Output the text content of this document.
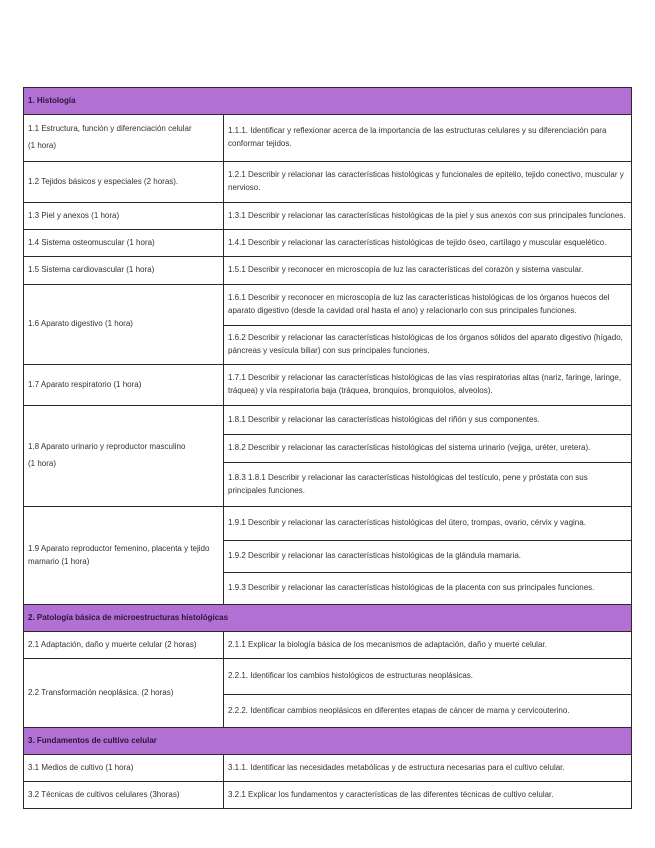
1. Histología	

1.1 Estructura, función y diferenciación celular
(1 hora)	1.1.1. Identificar y reflexionar acerca de la importancia de las estructuras celulares y su diferenciación para conformar tejidos.
1.2 Tejidos básicos y especiales (2 horas).	1.2.1 Describir y relacionar las características histológicas y funcionales de epitelio, tejido conectivo, muscular y nervioso.
1.3 Piel y anexos (1 hora)	1.3.1 Describir y relacionar las características histológicas de la piel y sus anexos con sus principales funciones.
1.4 Sistema osteomuscular (1 hora)	1.4.1 Describir y relacionar las características histológicas de tejido óseo, cartílago y muscular esquelético.
1.5 Sistema cardiovascular (1 hora)	1.5.1 Describir y reconocer en microscopía de luz las características del corazón y sistema vascular.
1.6 Aparato digestivo (1 hora)	1.6.1 Describir y reconocer en microscopía de luz las características histológicas de los órganos huecos del aparato digestivo (desde la cavidad oral hasta el ano) y relacionarlo con sus principales funciones.
	1.6.2 Describir y relacionar las características histológicas de los órganos sólidos del aparato digestivo (hígado, páncreas y vesícula biliar) con sus principales funciones.
1.7 Aparato respiratorio (1 hora)	1.7.1 Describir y relacionar las características histológicas de las vías respiratorias altas (nariz, faringe, laringe, tráquea) y vía respiratoria baja (tráquea, bronquios, bronquiolos, alveolos).

1.8 Aparato urinario y reproductor masculino
(1 hora)	1.8.1 Describir y relacionar las características histológicas del riñón y sus componentes.
	1.8.2 Describir y relacionar las características histológicas del sistema urinario (vejiga, uréter, uretera).
	1.8.3 1.8.1 Describir y relacionar las características histológicas del testículo, pene y próstata con sus principales funciones.
1.9 Aparato reproductor femenino, placenta y tejido mamario (1 hora)	1.9.1 Describir y relacionar las características histológicas del útero, trompas, ovario, cérvix y vagina.
	1.9.2 Describir y relacionar las características histológicas de la glándula mamaria.
	1.9.3 Describir y relacionar las características histológicas de la placenta con sus principales funciones.
2. Patología básica de microestructuras histológicas	
2.1 Adaptación, daño y muerte celular (2 horas)	2.1.1 Explicar la biología básica de los mecanismos de adaptación, daño y muerte celular.
2.2 Transformación neoplásica. (2 horas)	2.2.1. Identificar los cambios histológicos de estructuras neoplásicas.
	2.2.2. Identificar cambios neoplásicos en diferentes etapas de cáncer de mama y cervicouterino.
3. Fundamentos de cultivo celular	
3.1 Medios de cultivo (1 hora)	3.1.1. Identificar las necesidades metabólicas y de estructura necesarias para el cultivo celular.
3.2 Técnicas de cultivos celulares (3horas)	3.2.1 Explicar los fundamentos y características de las diferentes técnicas de cultivo celular.
